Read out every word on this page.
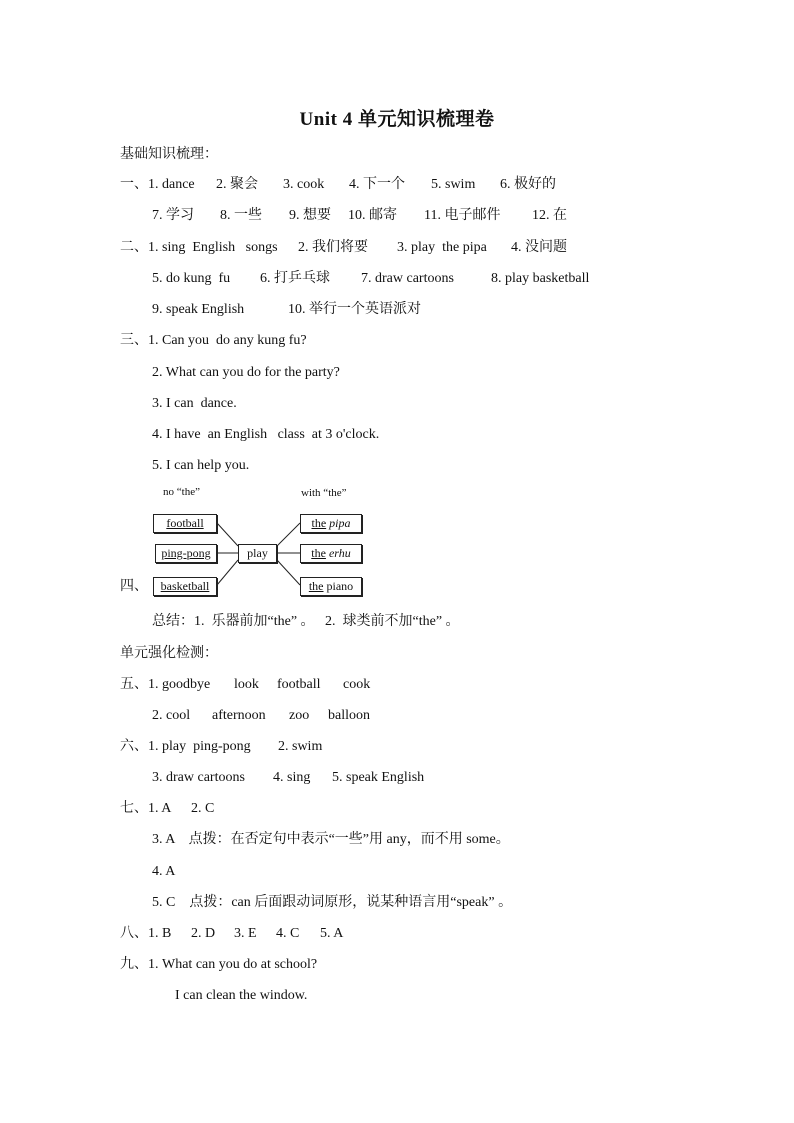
Unit 4 单元知识梳理卷
基础知识梳理：
一、1. dance 2. 聚会 3. cook 4. 下一个 5. swim 6. 极好的
7. 学习 8. 一些 9. 想要 10. 邮寄 11. 电子邮件 12. 在
二、1. sing  English   songs 2. 我们将要 3. play  the pipa 4. 没问题
5. do kung  fu 6. 打乒乓球 7. draw cartoons	8. play basketball
9. speak English	10. 举行一个英语派对
三、1. Can you  do any kung fu?
2. What can you do for the party?
3. I can  dance.
4. I have  an English   class  at 3 o'clock.
5. I can help you.
四、
no “the”	with “the”
football
ping-pong
basketball
play
the pipa
the erhu
the piano
总结：1.  乐器前加“the” 。   2.  球类前不加“the” 。
单元强化检测：
五、1. goodbye look football cook
2. cool afternoon zoo balloon
六、1. play  ping-pong 2. swim
3. draw cartoons 4. sing 5. speak English
七、1. A 2. C
3. A    点拨：在否定句中表示“一些”用 any，而不用 some。
4. A
5. C    点拨：can 后面跟动词原形，说某种语言用“speak” 。
八、1. B 2. D 3. E 4. C 5. A
九、1. What can you do at school?
I can clean the window.
